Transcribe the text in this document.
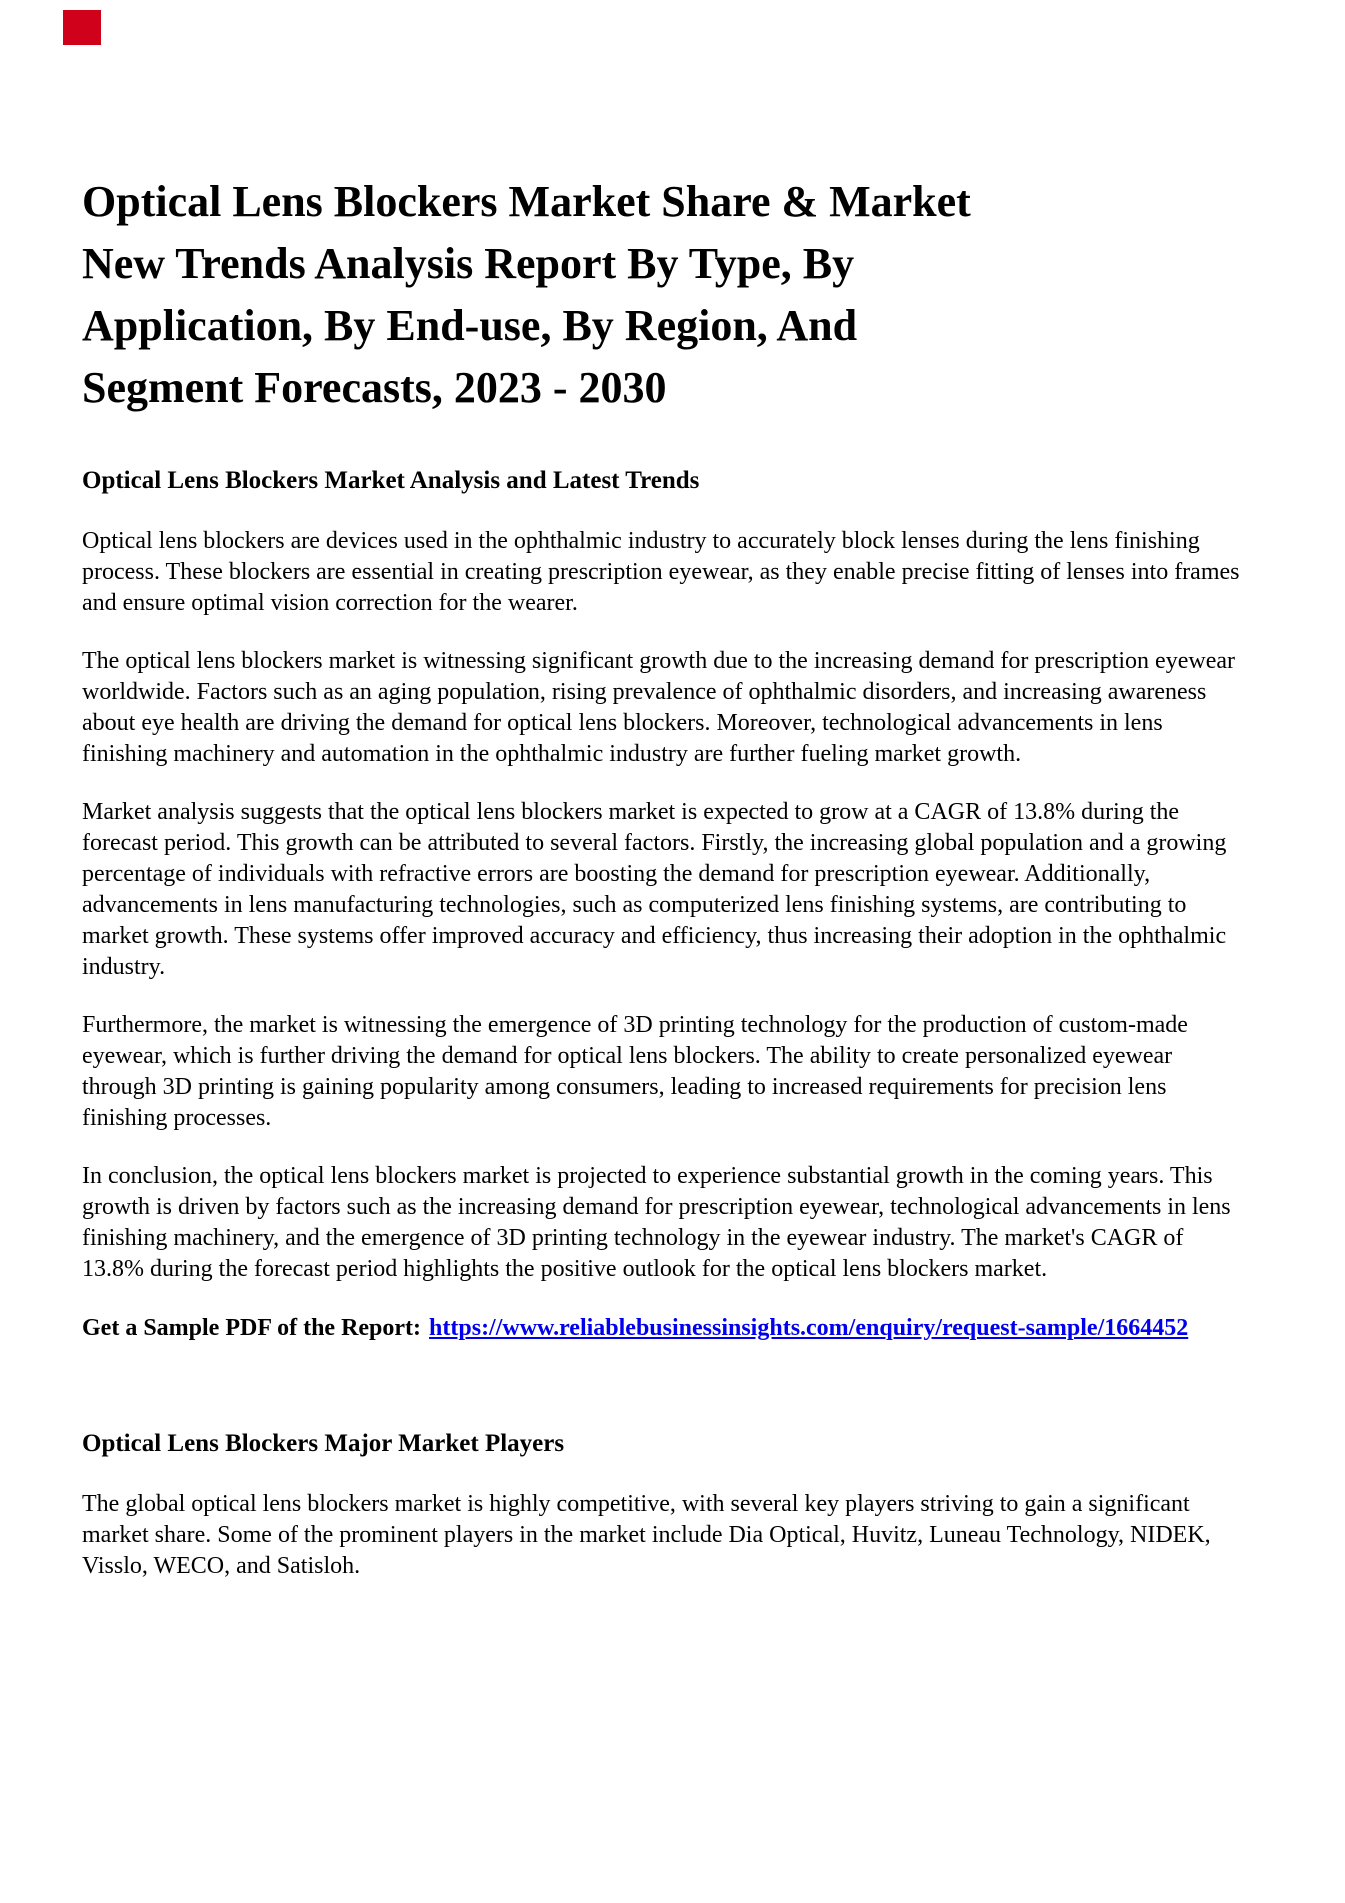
Optical Lens Blockers Market Share & Market
New Trends Analysis Report By Type, By
Application, By End-use, By Region, And
Segment Forecasts, 2023 - 2030
Optical Lens Blockers Market Analysis and Latest Trends

Optical lens blockers are devices used in the ophthalmic industry to accurately block lenses during the lens finishing process. These blockers are essential in creating prescription eyewear, as they enable precise fitting of lenses into frames and ensure optimal vision correction for the wearer.

The optical lens blockers market is witnessing significant growth due to the increasing demand for prescription eyewear worldwide. Factors such as an aging population, rising prevalence of ophthalmic disorders, and increasing awareness about eye health are driving the demand for optical lens blockers. Moreover, technological advancements in lens finishing machinery and automation in the ophthalmic industry are further fueling market growth.

Market analysis suggests that the optical lens blockers market is expected to grow at a CAGR of 13.8% during the forecast period. This growth can be attributed to several factors. Firstly, the increasing global population and a growing percentage of individuals with refractive errors are boosting the demand for prescription eyewear. Additionally, advancements in lens manufacturing technologies, such as computerized lens finishing systems, are contributing to market growth. These systems offer improved accuracy and efficiency, thus increasing their adoption in the ophthalmic industry.

Furthermore, the market is witnessing the emergence of 3D printing technology for the production of custom-made eyewear, which is further driving the demand for optical lens blockers. The ability to create personalized eyewear through 3D printing is gaining popularity among consumers, leading to increased requirements for precision lens finishing processes.

In conclusion, the optical lens blockers market is projected to experience substantial growth in the coming years. This growth is driven by factors such as the increasing demand for prescription eyewear, technological advancements in lens finishing machinery, and the emergence of 3D printing technology in the eyewear industry. The market's CAGR of 13.8% during the forecast period highlights the positive outlook for the optical lens blockers market.

Get a Sample PDF of the Report: https://www.reliablebusinessinsights.com/enquiry/request-sample/1664452

Optical Lens Blockers Major Market Players

The global optical lens blockers market is highly competitive, with several key players striving to gain a significant market share. Some of the prominent players in the market include Dia Optical, Huvitz, Luneau Technology, NIDEK, Visslo, WECO, and Satisloh.
